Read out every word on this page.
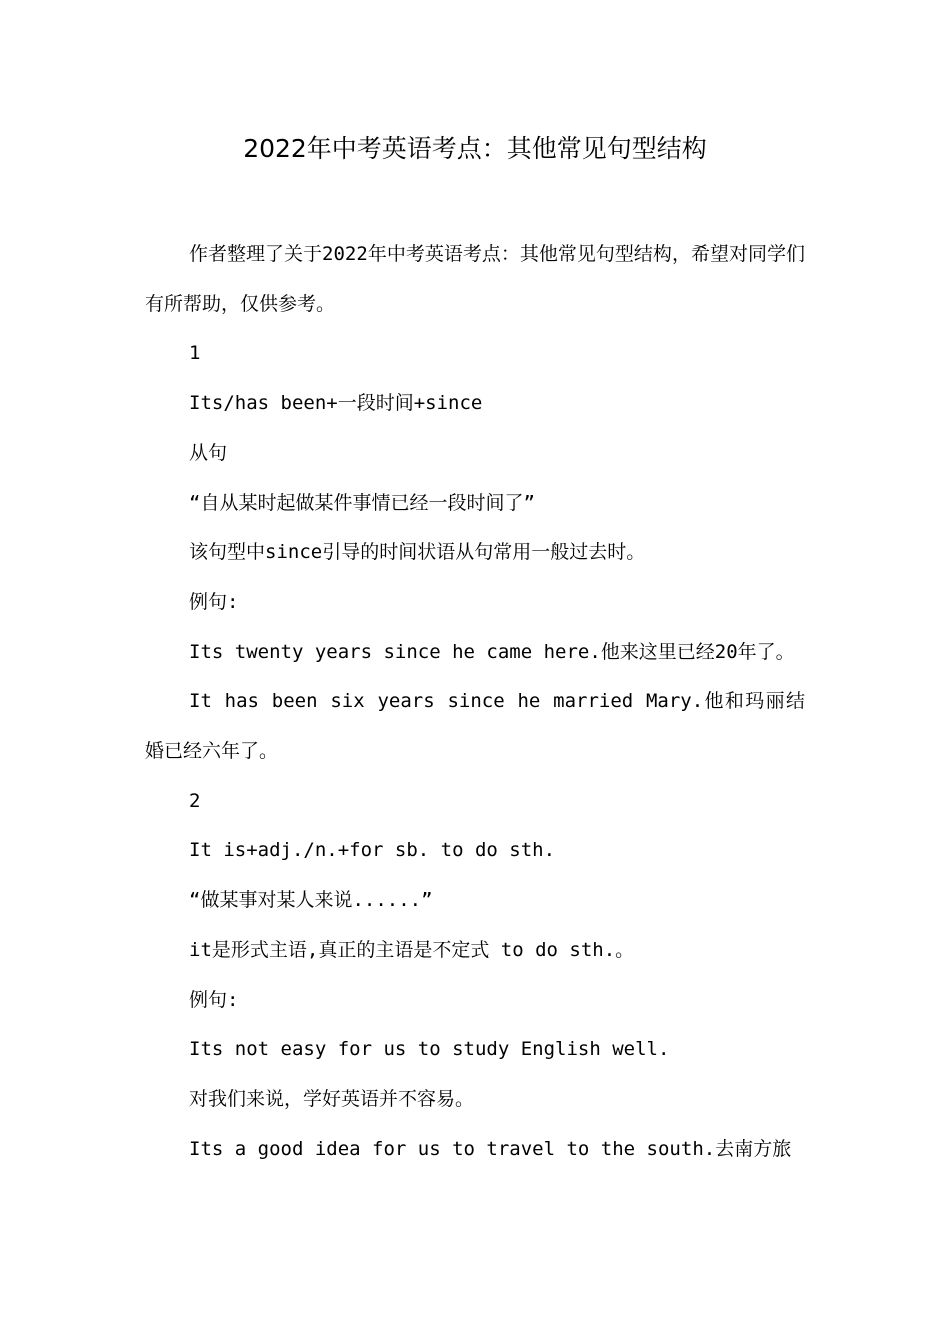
2022年中考英语考点：其他常见句型结构

作者整理了关于2022年中考英语考点：其他常见句型结构，希望对同学们有所帮助，仅供参考。

1

Its/has been+一段时间+since

从句

“自从某时起做某件事情已经一段时间了”

该句型中since引导的时间状语从句常用一般过去时。

例句:

Its twenty years since he came here.他来这里已经20年了。

It has been six years since he married Mary.他和玛丽结婚已经六年了。

2

It is+adj./n.+for sb. to do sth.

“做某事对某人来说......”

it是形式主语,真正的主语是不定式 to do sth.。

例句:

Its not easy for us to study English well.

对我们来说，学好英语并不容易。

Its a good idea for us to travel to the south.去南方旅
